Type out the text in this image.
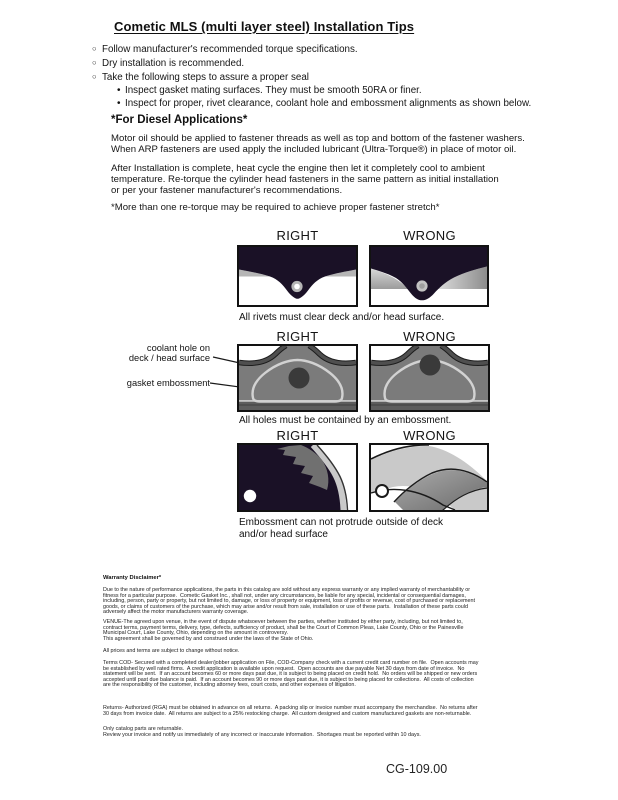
Cometic MLS (multi layer steel) Installation Tips
○ Follow manufacturer's recommended torque specifications.
○ Dry installation is recommended.
○ Take the following steps to assure a proper seal
• Inspect gasket mating surfaces. They must be smooth 50RA or finer.
• Inspect for proper, rivet clearance, coolant hole and embossment alignments as shown below.
*For Diesel Applications*
Motor oil should be applied to fastener threads as well as top and bottom of the fastener washers.
When ARP fasteners are used apply the included lubricant (Ultra-Torque®) in place of motor oil.
After Installation is complete, heat cycle the engine then let it completely cool to ambient
temperature. Re-torque the cylinder head fasteners in the same pattern as initial installation
or per your fastener manufacturer's recommendations.
*More than one re-torque may be required to achieve proper fastener stretch*
RIGHT	WRONG
All rivets must clear deck and/or head surface.
RIGHT	WRONG
coolant hole on
deck / head surface
gasket embossment
All holes must be contained by an embossment.
RIGHT	WRONG
Embossment can not protrude outside of deck
and/or head surface
Warranty Disclaimer*
Due to the nature of performance applications, the parts in this catalog are sold without any express warranty or any implied warranty of merchantability or
fitness for a particular purpose.  Cometic Gasket Inc., shall not, under any circumstances, be liable for any special, incidental or consequential damages,
including, person, party or property, but not limited to, damage, or loss of property or equipment, loss of profits or revenue, cost of purchased or replacement
goods, or claims of customers of the purchase, which may arise and/or result from sale, installation or use of these parts.  Installation of these parts could
adversely affect the motor manufacturers warranty coverage.
VENUE-The agreed upon venue, in the event of dispute whatsoever between the parties, whether instituted by either party, including, but not limited to,
contract terms, payment terms, delivery, type, defects, sufficiency of product, shall be the Court of Common Pleas, Lake County, Ohio or the Painesville
Municipal Court, Lake County, Ohio, depending on the amount in controversy.
This agreement shall be governed by and construed under the laws of the State of Ohio.
All prices and terms are subject to change without notice.
Terms COD- Secured with a completed dealer/jobber application on File, COD-Company check with a current credit card number on file.  Open accounts may
be established by well rated firms.  A credit application is available upon request.  Open accounts are due payable Net 30 days from date of invoice.  No
statement will be sent.  If an account becomes 60 or more days past due, it is subject to being placed on credit hold.  No orders will be shipped or new orders
accepted until past due balance is paid.  If an account becomes 90 or more days past due, it is subject to being placed for collections.  All costs of collection
are the responsibility of the customer, including attorney fees, court costs, and other expenses of litigation.
Returns- Authorized (RGA) must be obtained in advance on all returns.  A packing slip or invoice number must accompany the merchandise.  No returns after
30 days from invoice date.  All returns are subject to a 25% restocking charge.  All custom designed and custom manufactured gaskets are non-returnable.
Only catalog parts are returnable.
Review your invoice and notify us immediately of any incorrect or inaccurate information.  Shortages must be reported within 10 days.
CG-109.00
